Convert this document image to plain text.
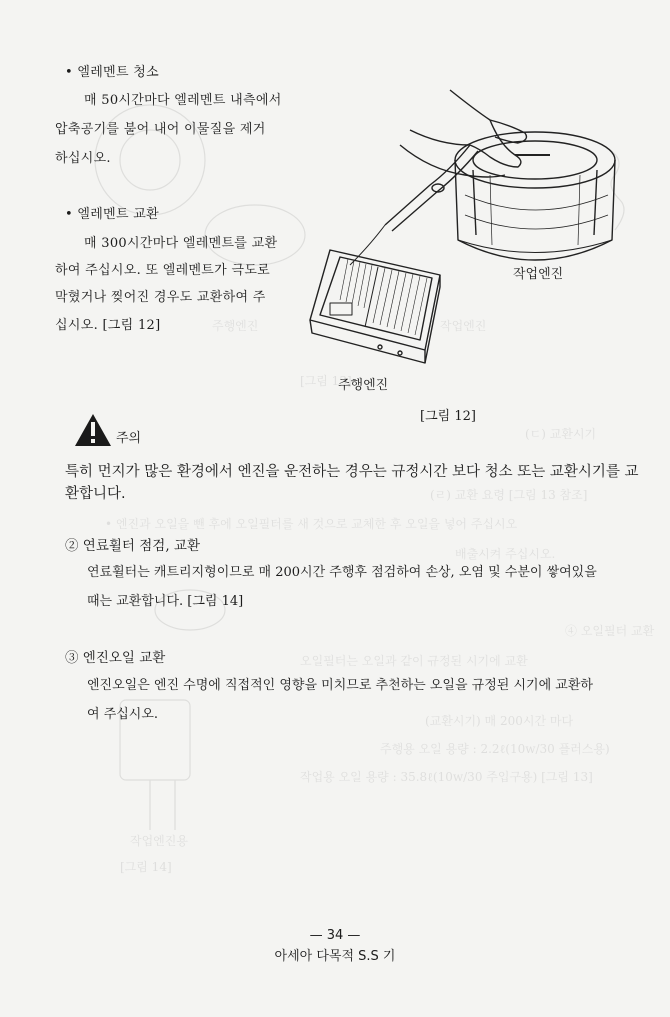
(ㄷ) 교환시기
(ㄹ) 교환 요령 [그림 13 참조]
• 엔진과 오일을 뺀 후에 오일필터를 새 것으로 교체한 후 오일을 넣어 주십시오
배출시켜 주십시오.
④ 오일필터 교환
오일필터는 오일과 같이 규정된 시기에 교환
(교환시기) 매 200시간 마다
주행용 오일 용량 : 2.2ℓ(10w/30 플러스용)
작업용 오일 용량 : 35.8ℓ(10w/30 주입구용) [그림 13]
작업엔진용
[그림 14]
주행엔진	작업엔진
[그림 13]
• 엘레멘트 청소
매 50시간마다 엘레멘트 내측에서
압축공기를 불어 내어 이물질을 제거
하십시오.
• 엘레멘트 교환
매 300시간마다 엘레멘트를 교환
하여 주십시오. 또 엘레멘트가 극도로
막혔거나 찢어진 경우도 교환하여 주
십시오. [그림 12]
작업엔진
주행엔진
[그림 12]
주의
특히 먼지가 많은 환경에서 엔진을 운전하는 경우는 규정시간 보다 청소 또는 교환시기를 교
환합니다.
② 연료휠터 점검, 교환
연료휠터는 캐트리지형이므로 매 200시간 주행후 점검하여 손상, 오염 및 수분이 쌓여있을
때는 교환합니다. [그림 14]
③ 엔진오일 교환
엔진오일은 엔진 수명에 직접적인 영향을 미치므로 추천하는 오일을 규정된 시기에 교환하
여 주십시오.
— 34 —
아세아 다목적 S.S 기
